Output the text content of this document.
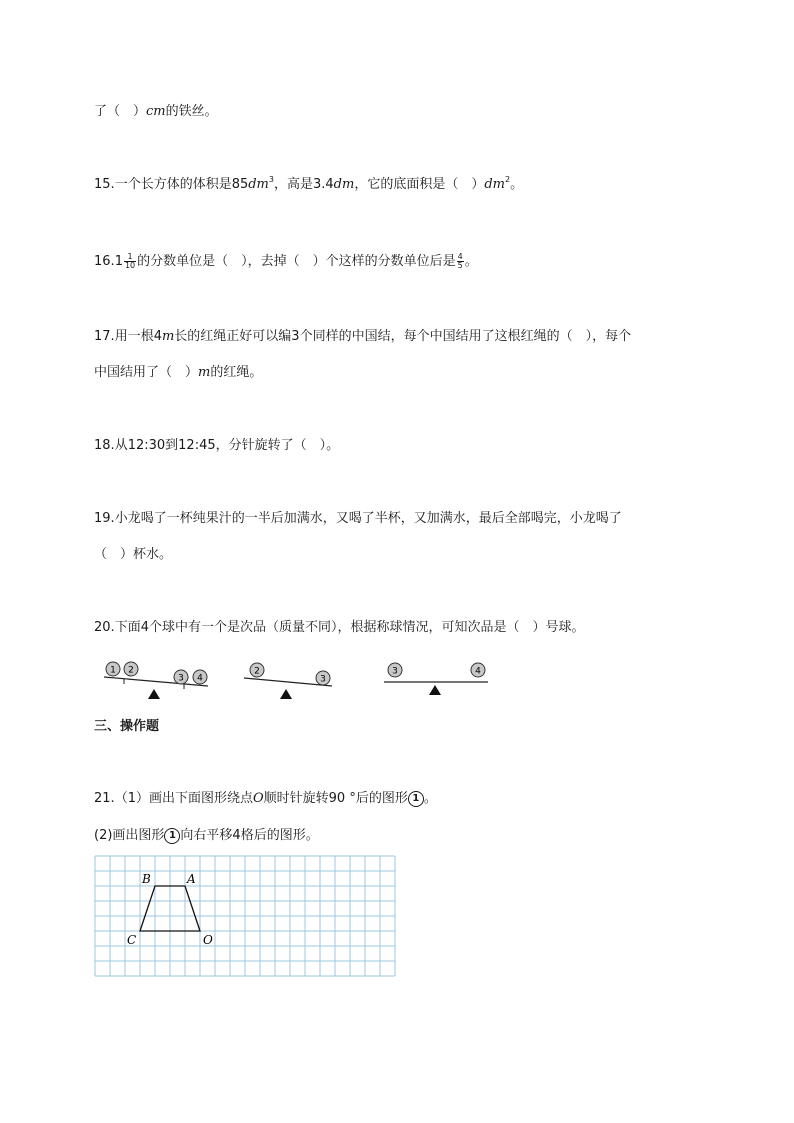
了（　）cm的铁丝。
15.一个长方体的体积是$85dm^3$，高是3.4dm，它的底面积是（　）$dm^2$。
$16.1 \frac{1}{10}$ 的分数单位是（　），去掉（　）个这样的分数单位后是 $\frac{4}{5}$ 。
17.用一根4m长的红绳正好可以编3个同样的中国结，每个中国结用了这根红绳的（　），每个
中国结用了（　）m的红绳。
18.从12:30到12:45，分针旋转了（　）。
19.小龙喝了一杯纯果汁的一半后加满水，又喝了半杯，又加满水，最后全部喝完，小龙喝了
（　）杯水。
20.下面4个球中有一个是次品（质量不同），根据称球情况，可知次品是（　）号球。
1 2
3 4
2
3
3	4
三、操作题
21.（1）画出下面图形绕点O顺时针旋转90 °后的图形 1 。
(2)画出图形 1 向右平移4格后的图形。
B	A
C	O
